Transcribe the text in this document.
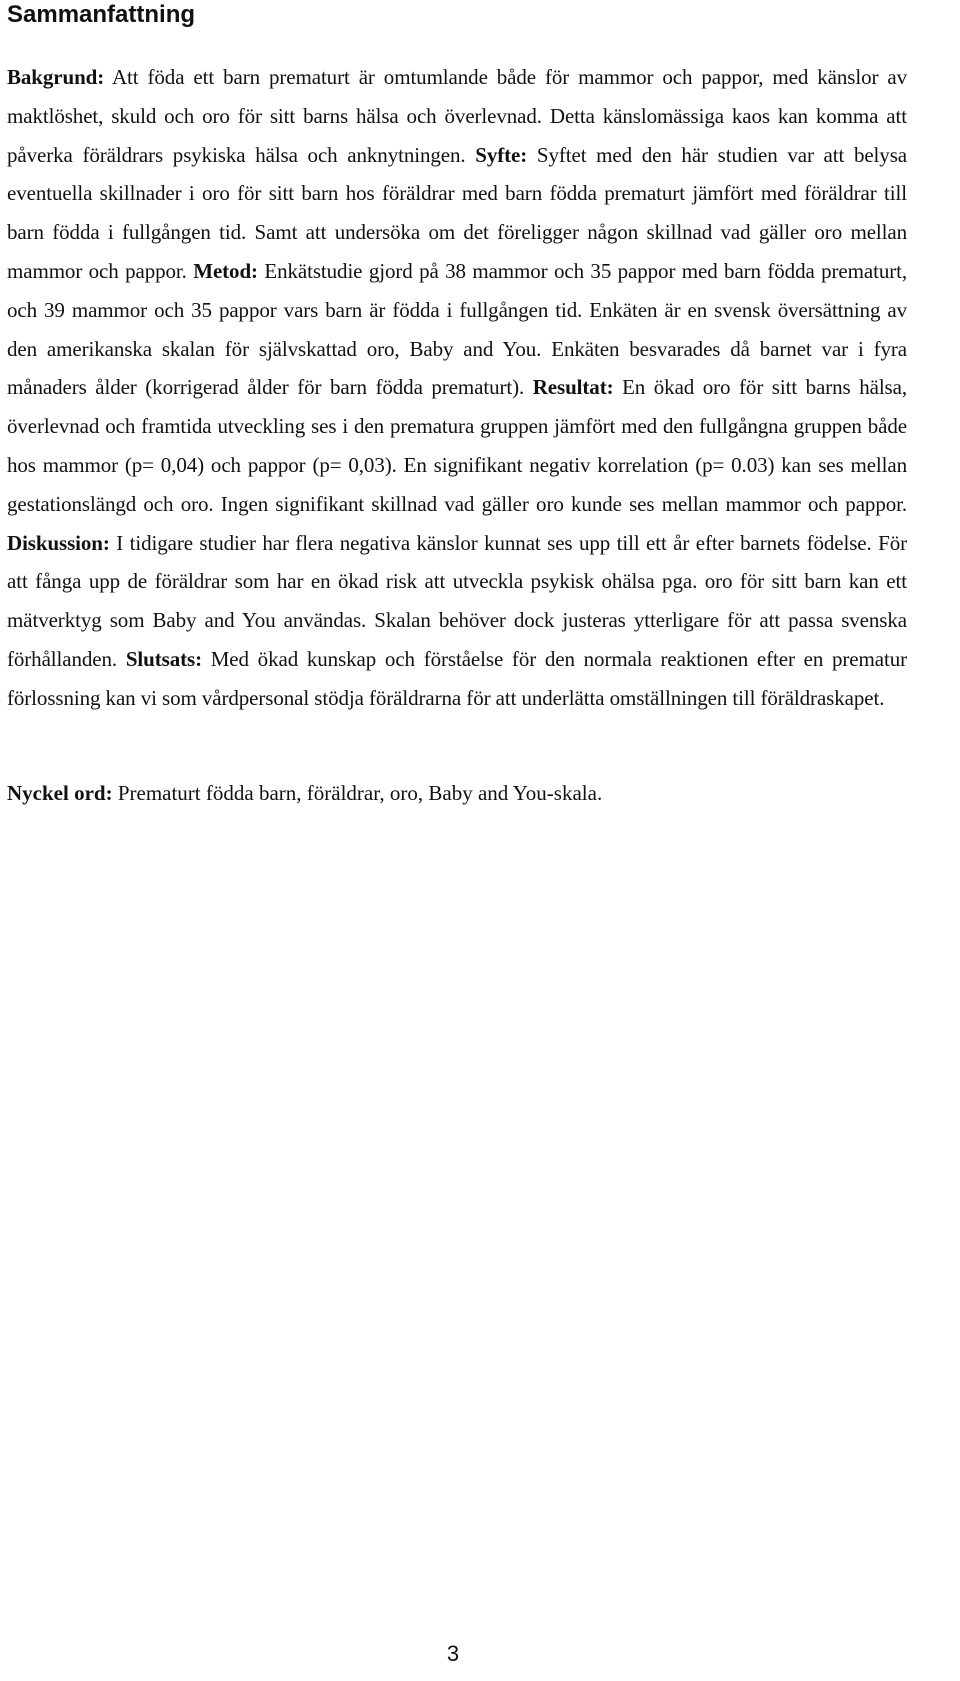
Sammanfattning

Bakgrund: Att föda ett barn prematurt är omtumlande både för mammor och pappor, med känslor av maktlöshet, skuld och oro för sitt barns hälsa och överlevnad. Detta känslomässiga kaos kan komma att påverka föräldrars psykiska hälsa och anknytningen. Syfte: Syftet med den här studien var att belysa eventuella skillnader i oro för sitt barn hos föräldrar med barn födda prematurt jämfört med föräldrar till barn födda i fullgången tid. Samt att undersöka om det föreligger någon skillnad vad gäller oro mellan mammor och pappor. Metod: Enkätstudie gjord på 38 mammor och 35 pappor med barn födda prematurt, och 39 mammor och 35 pappor vars barn är födda i fullgången tid. Enkäten är en svensk översättning av den amerikanska skalan för självskattad oro, Baby and You. Enkäten besvarades då barnet var i fyra månaders ålder (korrigerad ålder för barn födda prematurt). Resultat: En ökad oro för sitt barns hälsa, överlevnad och framtida utveckling ses i den prematura gruppen jämfört med den fullgångna gruppen både hos mammor (p= 0,04) och pappor (p= 0,03). En signifikant negativ korrelation (p= 0.03) kan ses mellan gestationslängd och oro. Ingen signifikant skillnad vad gäller oro kunde ses mellan mammor och pappor. Diskussion: I tidigare studier har flera negativa känslor kunnat ses upp till ett år efter barnets födelse. För att fånga upp de föräldrar som har en ökad risk att utveckla psykisk ohälsa pga. oro för sitt barn kan ett mätverktyg som Baby and You användas. Skalan behöver dock justeras ytterligare för att passa svenska förhållanden. Slutsats: Med ökad kunskap och förståelse för den normala reaktionen efter en prematur förlossning kan vi som vårdpersonal stödja föräldrarna för att underlätta omställningen till föräldraskapet.

Nyckel ord: Prematurt födda barn, föräldrar, oro, Baby and You-skala.

3
